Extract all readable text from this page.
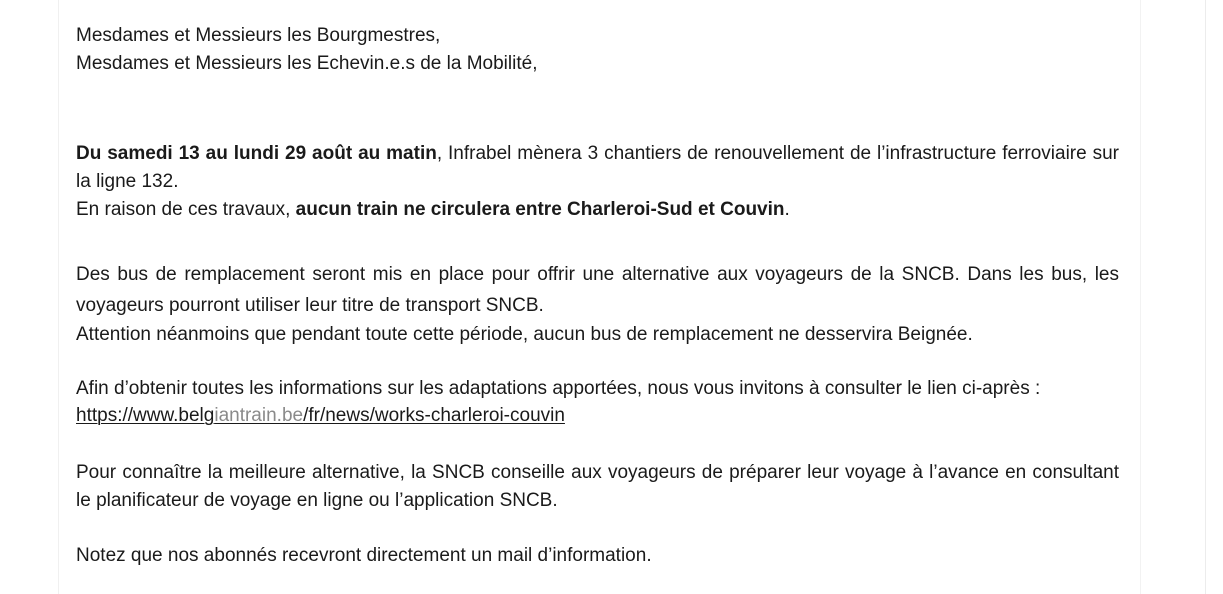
Mesdames et Messieurs les Bourgmestres,

Mesdames et Messieurs les Echevin.e.s de la Mobilité,

Du samedi 13 au lundi 29 août au matin, Infrabel mènera 3 chantiers de renouvellement de l’infrastructure ferroviaire sur la ligne 132.

En raison de ces travaux, aucun train ne circulera entre Charleroi-Sud et Couvin.

Des bus de remplacement seront mis en place pour offrir une alternative aux voyageurs de la SNCB. Dans les bus, les voyageurs pourront utiliser leur titre de transport SNCB.

Attention néanmoins que pendant toute cette période, aucun bus de remplacement ne desservira Beignée.

Afin d’obtenir toutes les informations sur les adaptations apportées, nous vous invitons à consulter le lien ci-après :

https://www.belgiantrain.be/fr/news/works-charleroi-couvin

Pour connaître la meilleure alternative, la SNCB conseille aux voyageurs de préparer leur voyage à l’avance en consultant le planificateur de voyage en ligne ou l’application SNCB.

Notez que nos abonnés recevront directement un mail d’information.
